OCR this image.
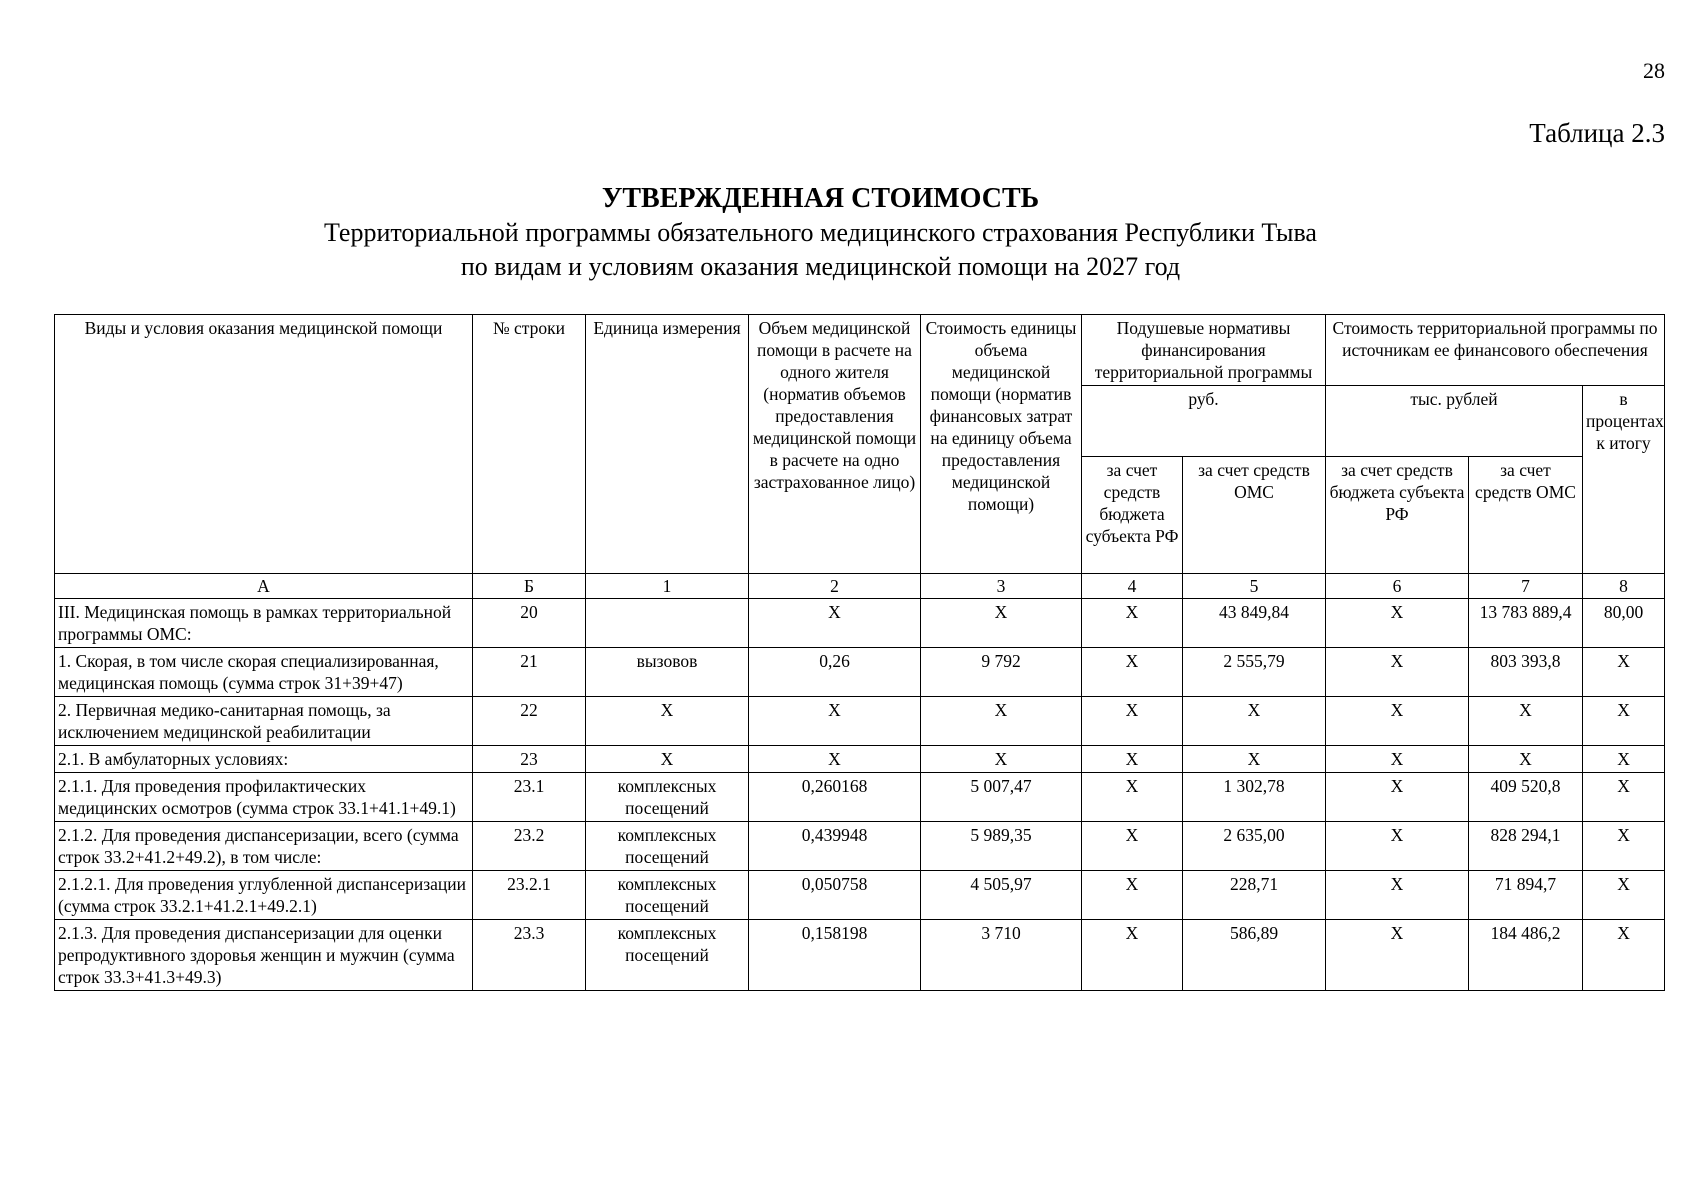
28
Таблица 2.3
УТВЕРЖДЕННАЯ СТОИМОСТЬ
Территориальной программы обязательного медицинского страхования Республики Тыва
по видам и условиям оказания медицинской помощи на 2027 год
Виды и условия оказания медицинской помощи	№ строки	Единица измерения	Объем медицинской помощи в расчете на одного жителя (норматив объемов предоставления медицинской помощи в расчете на одно застрахованное лицо)	Стоимость единицы объема медицинской помощи (норматив финансовых затрат на единицу объема предоставления медицинской помощи)	Подушевые нормативы финансирования территориальной программы		Стоимость территориальной программы по источникам ее финансового обеспечения		
					руб.		тыс. рублей		в процентах к итогу
					за счет средств бюджета субъекта РФ	за счет средств ОМС	за счет средств бюджета субъекта РФ	за счет средств ОМС	
А	Б	1	2	3	4	5	6	7	8
III. Медицинская помощь в рамках территориальной программы ОМС:	20		Х	Х	Х	43 849,84	Х	13 783 889,4	80,00
1. Скорая, в том числе скорая специализированная, медицинская помощь (сумма строк 31+39+47)	21	вызовов	0,26	9 792	Х	2 555,79	Х	803 393,8	Х
2. Первичная медико-санитарная помощь, за исключением медицинской реабилитации	22	Х	Х	Х	Х	Х	Х	Х	Х
2.1. В амбулаторных условиях:	23	Х	Х	Х	Х	Х	Х	Х	Х
2.1.1. Для проведения профилактических медицинских осмотров (сумма строк 33.1+41.1+49.1)	23.1	комплексных посещений	0,260168	5 007,47	Х	1 302,78	Х	409 520,8	Х
2.1.2. Для проведения диспансеризации, всего (сумма строк 33.2+41.2+49.2), в том числе:	23.2	комплексных посещений	0,439948	5 989,35	Х	2 635,00	Х	828 294,1	Х
2.1.2.1. Для проведения углубленной диспансеризации (сумма строк 33.2.1+41.2.1+49.2.1)	23.2.1	комплексных посещений	0,050758	4 505,97	Х	228,71	Х	71 894,7	Х
2.1.3. Для проведения диспансеризации для оценки репродуктивного здоровья женщин и мужчин (сумма строк 33.3+41.3+49.3)	23.3	комплексных посещений	0,158198	3 710	Х	586,89	Х	184 486,2	Х
